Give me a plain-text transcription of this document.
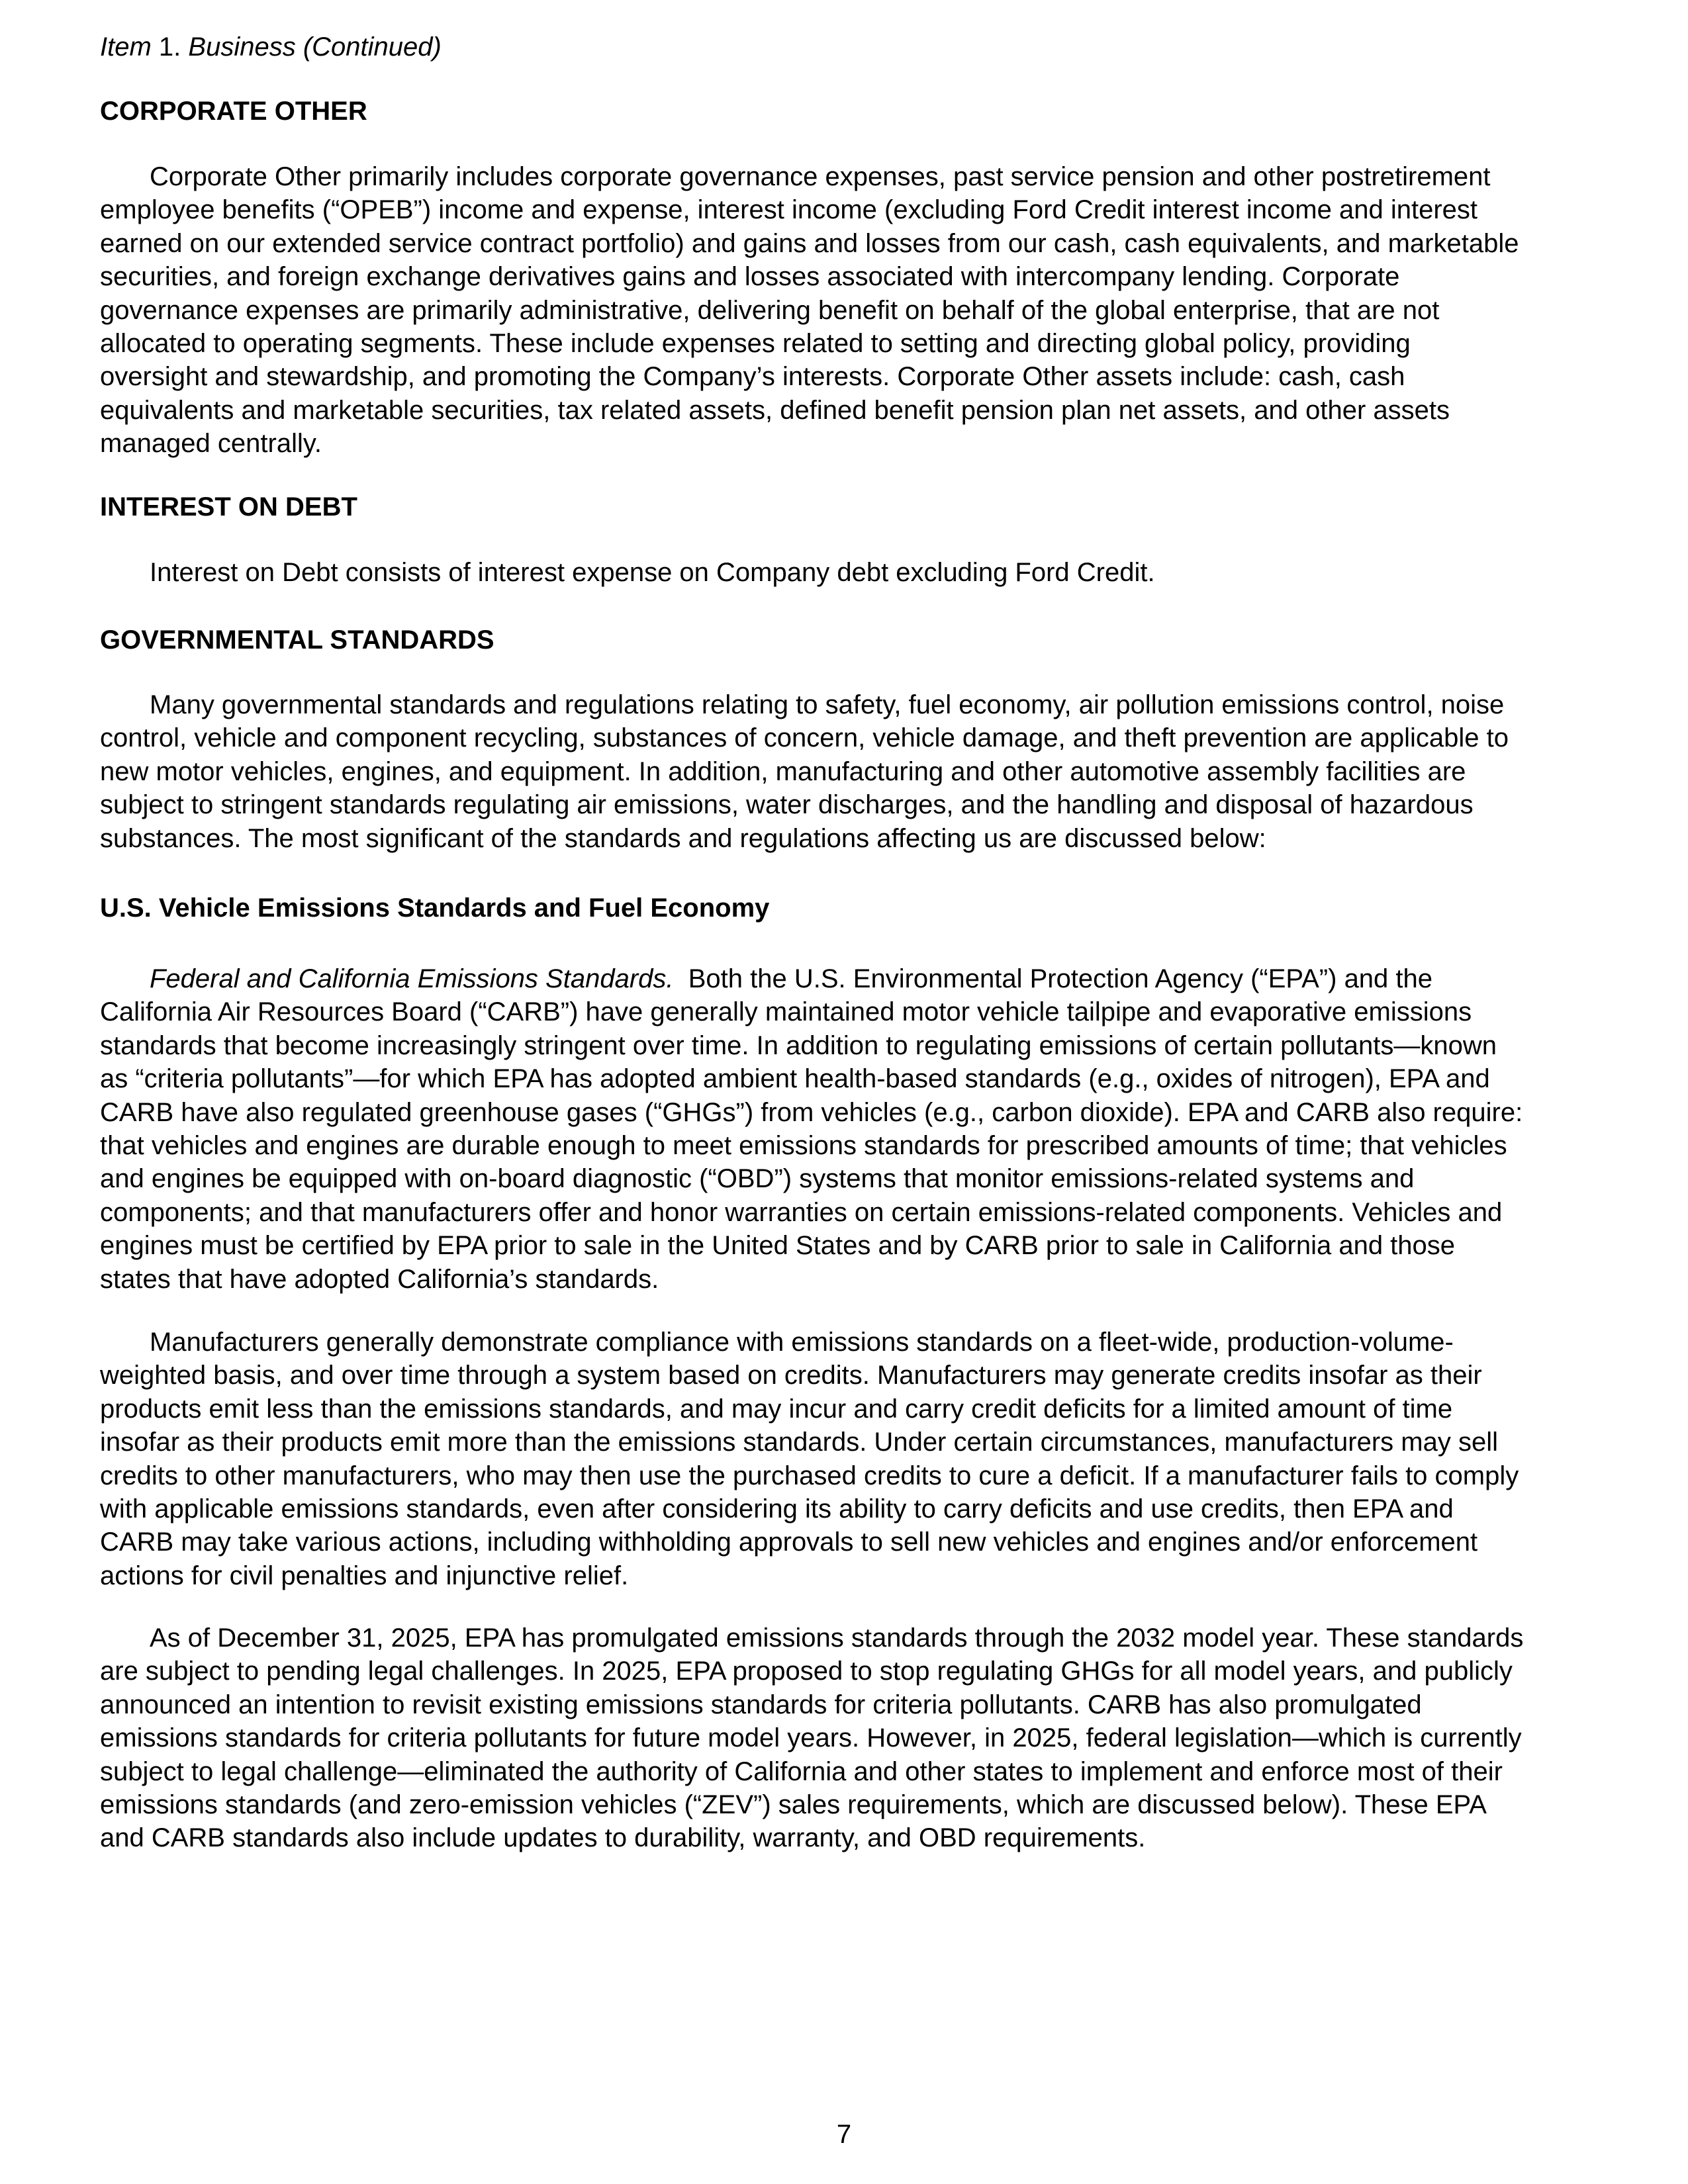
Item 1. Business (Continued)
CORPORATE OTHER
Corporate Other primarily includes corporate governance expenses, past service pension and other postretirement
employee benefits (“OPEB”) income and expense, interest income (excluding Ford Credit interest income and interest
earned on our extended service contract portfolio) and gains and losses from our cash, cash equivalents, and marketable
securities, and foreign exchange derivatives gains and losses associated with intercompany lending. Corporate
governance expenses are primarily administrative, delivering benefit on behalf of the global enterprise, that are not
allocated to operating segments. These include expenses related to setting and directing global policy, providing
oversight and stewardship, and promoting the Company’s interests. Corporate Other assets include: cash, cash
equivalents and marketable securities, tax related assets, defined benefit pension plan net assets, and other assets
managed centrally.
INTEREST ON DEBT
Interest on Debt consists of interest expense on Company debt excluding Ford Credit.
GOVERNMENTAL STANDARDS
Many governmental standards and regulations relating to safety, fuel economy, air pollution emissions control, noise
control, vehicle and component recycling, substances of concern, vehicle damage, and theft prevention are applicable to
new motor vehicles, engines, and equipment. In addition, manufacturing and other automotive assembly facilities are
subject to stringent standards regulating air emissions, water discharges, and the handling and disposal of hazardous
substances. The most significant of the standards and regulations affecting us are discussed below:
U.S. Vehicle Emissions Standards and Fuel Economy
Federal and California Emissions Standards.  Both the U.S. Environmental Protection Agency (“EPA”) and the
California Air Resources Board (“CARB”) have generally maintained motor vehicle tailpipe and evaporative emissions
standards that become increasingly stringent over time. In addition to regulating emissions of certain pollutants—known
as “criteria pollutants”—for which EPA has adopted ambient health-based standards (e.g., oxides of nitrogen), EPA and
CARB have also regulated greenhouse gases (“GHGs”) from vehicles (e.g., carbon dioxide). EPA and CARB also require:
that vehicles and engines are durable enough to meet emissions standards for prescribed amounts of time; that vehicles
and engines be equipped with on-board diagnostic (“OBD”) systems that monitor emissions-related systems and
components; and that manufacturers offer and honor warranties on certain emissions-related components. Vehicles and
engines must be certified by EPA prior to sale in the United States and by CARB prior to sale in California and those
states that have adopted California’s standards.
Manufacturers generally demonstrate compliance with emissions standards on a fleet-wide, production-volume-
weighted basis, and over time through a system based on credits. Manufacturers may generate credits insofar as their
products emit less than the emissions standards, and may incur and carry credit deficits for a limited amount of time
insofar as their products emit more than the emissions standards. Under certain circumstances, manufacturers may sell
credits to other manufacturers, who may then use the purchased credits to cure a deficit. If a manufacturer fails to comply
with applicable emissions standards, even after considering its ability to carry deficits and use credits, then EPA and
CARB may take various actions, including withholding approvals to sell new vehicles and engines and/or enforcement
actions for civil penalties and injunctive relief.
As of December 31, 2025, EPA has promulgated emissions standards through the 2032 model year. These standards
are subject to pending legal challenges. In 2025, EPA proposed to stop regulating GHGs for all model years, and publicly
announced an intention to revisit existing emissions standards for criteria pollutants. CARB has also promulgated
emissions standards for criteria pollutants for future model years. However, in 2025, federal legislation—which is currently
subject to legal challenge—eliminated the authority of California and other states to implement and enforce most of their
emissions standards (and zero-emission vehicles (“ZEV”) sales requirements, which are discussed below). These EPA
and CARB standards also include updates to durability, warranty, and OBD requirements.
7
